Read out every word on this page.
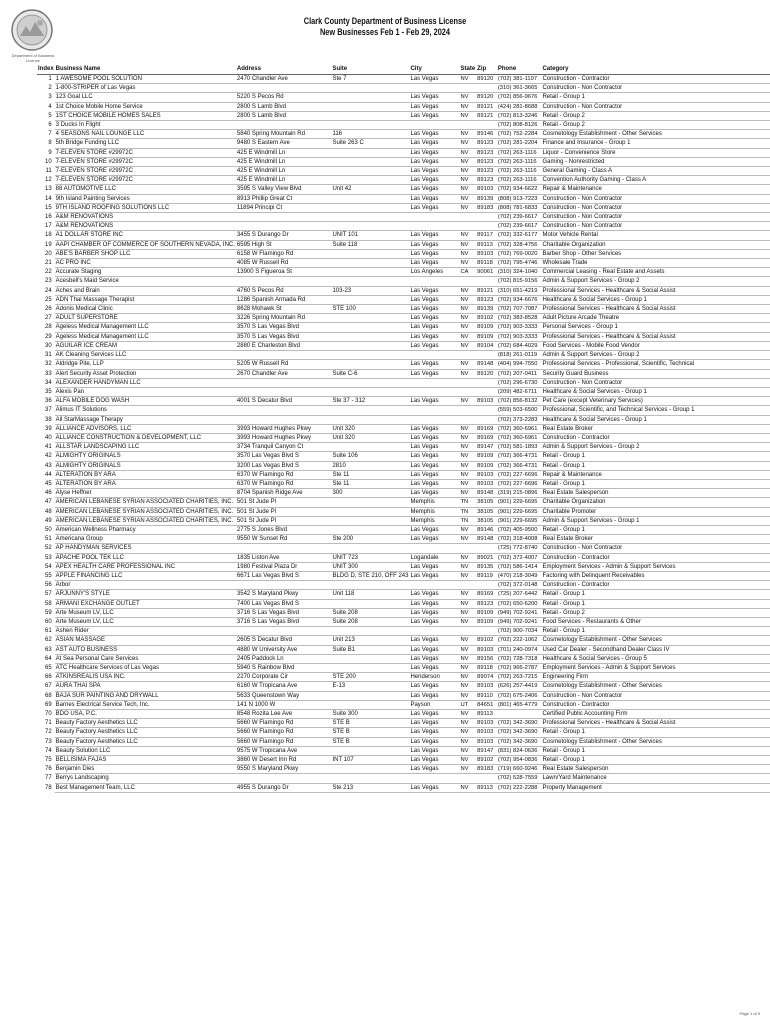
Department of Business License
Clark County Department of Business License
New Businesses Feb 1 - Feb 29, 2024
Index	Business Name	Address	Suite	City	State	Zip	Phone	Category
1	1 AWESOME POOL SOLUTION	2470 Chandler Ave	Ste 7	Las Vegas	NV	89120	(702) 381-1197	Construction - Contractor
2	1-800-STRIPER of Las Vegas						(310) 361-3665	Construction - Non Contractor
3	123 Goal LLC	5220 S Pecos Rd		Las Vegas	NV	89120	(702) 856-9676	Retail - Group 1
4	1st Choice Mobile Home Service	2800 S Lamb Blvd		Las Vegas	NV	89121	(424) 281-8688	Construction - Non Contractor
5	1ST CHOICE MOBILE HOMES SALES	2800 S Lamb Blvd		Las Vegas	NV	89121	(702) 813-3246	Retail - Group 2
6	3 Ducks In Flight						(702) 808-8126	Retail - Group 2
7	4 SEASONS NAIL LOUNGE LLC	5840 Spring Mountain Rd	116	Las Vegas	NV	89146	(702) 752-2284	Cosmetology Establishment - Other Services
8	5th Bridge Funding LLC	9480 S Eastern Ave	Suite 263 C	Las Vegas	NV	89123	(702) 281-2204	Finance and Insurance - Group 1
9	7-ELEVEN STORE #29972C	425 E Windmill Ln		Las Vegas	NV	89123	(702) 263-1116	Liquor - Convenience Store
10	7-ELEVEN STORE #29972C	425 E Windmill Ln		Las Vegas	NV	89123	(702) 263-1116	Gaming - Nonrestricted
11	7-ELEVEN STORE #29972C	425 E Windmill Ln		Las Vegas	NV	89123	(702) 263-1116	General Gaming - Class A
12	7-ELEVEN STORE #29972C	425 E Windmill Ln		Las Vegas	NV	89123	(702) 263-1116	Convention Authority Gaming - Class A
13	88 AUTOMOTIVE LLC	3595 S Valley View Blvd	Unit 42	Las Vegas	NV	89103	(702) 934-6622	Repair & Maintenance
14	9th Island Painting Services	8913 Phillip Great Ct		Las Vegas	NV	89139	(808) 913-7223	Construction - Non Contractor
15	9TH ISLAND ROOFING SOLUTIONS LLC	11894 Principi Ct		Las Vegas	NV	89183	(808) 781-6833	Construction - Non Contractor
16	A&M RENOVATIONS						(702) 239-6617	Construction - Non Contractor
17	A&M RENOVATIONS						(702) 239-6617	Construction - Non Contractor
18	A1 DOLLAR STORE INC	3455 S Durango Dr	UNIT 101	Las Vegas	NV	89117	(702) 332-6177	Motor Vehicle Rental
19	AAPI CHAMBER OF COMMERCE OF SOUTHERN NEVADA, INC.	6595 High St	Suite 118	Las Vegas	NV	89113	(702) 328-4756	Charitable Organization
20	ABE'S BARBER SHOP LLC	6158 W Flamingo Rd		Las Vegas	NV	89103	(702) 769-0020	Barber Shop - Other Services
21	AC PRO INC	4085 W Russell Rd		Las Vegas	NV	89118	(702) 795-4746	Wholesale Trade
22	Accurate Staging	13900 S Figueroa St		Los Angeles	CA	90061	(310) 324-1040	Commercial Leasing - Real Estate and Assets
23	Acesbell's Maid Service						(702) 815-9156	Admin & Support Services - Group 2
24	Aches and Brain	4760 S Pecos Rd	103-23	Las Vegas	NV	89121	(310) 651-4219	Professional Services - Healthcare & Social Assist
25	ADN Thai Massage Therapist	1286 Spanish Armada Rd		Las Vegas	NV	89123	(702) 934-6676	Healthcare & Social Services - Group 1
26	Adonis Medical Clinic	8628 Mohawk St	STE 100	Las Vegas	NV	89139	(702) 707-7087	Professional Services - Healthcare & Social Assist
27	ADULT SUPERSTORE	3226 Spring Mountain Rd		Las Vegas	NV	89102	(702) 383-8528	Adult Picture Arcade Theatre
28	Ageless Medical Management LLC	3570 S Las Vegas Blvd		Las Vegas	NV	89109	(702) 903-3333	Personal Services - Group 1
29	Ageless Medical Management LLC	3570 S Las Vegas Blvd		Las Vegas	NV	89109	(702) 903-3333	Professional Services - Healthcare & Social Assist
30	AGUILAR ICE CREAM	2880 E Charleston Blvd		Las Vegas	NV	89104	(702) 684-4029	Food Services - Mobile Food Vendor
31	AK Cleaning Services LLC						(818) 261-0119	Admin & Support Services - Group 2
32	Aldridge Pite, LLP	5205 W Russell Rd		Las Vegas	NV	89148	(404) 994-7550	Professional Services - Professional, Scientific, Technical
33	Alert Security Asset Protection	2670 Chandler Ave	Suite C-6	Las Vegas	NV	89120	(702) 207-0411	Security Guard Business
34	ALEXANDER HANDYMAN LLC						(702) 296-6730	Construction - Non Contractor
35	Alexis Pan						(209) 482-6711	Healthcare & Social Services - Group 1
36	ALFA MOBILE DOG WASH	4001 S Decatur Blvd	Ste 37 - 312	Las Vegas	NV	89103	(702) 856-8132	Pet Care (except Veterinary Services)
37	Alimus IT Solutions						(559) 503-6500	Professional, Scientific, and Technical Services - Group 1
38	All StarMassage Therapy						(702) 373-2283	Healthcare & Social Services - Group 1
39	ALLIANCE ADVISORS, LLC	3993 Howard Hughes Pkwy	Unit 320	Las Vegas	NV	89169	(702) 360-6961	Real Estate Broker
40	ALLIANCE CONSTRUCTION & DEVELOPMENT, LLC	3993 Howard Hughes Pkwy	Unit 320	Las Vegas	NV	89169	(702) 360-6961	Construction - Contractor
41	ALLSTAR LANDSCAPING LLC	3734 Tranquil Canyon Ct		Las Vegas	NV	89147	(702) 581-1893	Admin & Support Services - Group 2
42	ALMIGHTY ORIGINALS	3570 Las Vegas Blvd S	Suite 106	Las Vegas	NV	89109	(702) 366-4731	Retail - Group 1
43	ALMIGHTY ORIGINALS	3200 Las Vegas Blvd S	2810	Las Vegas	NV	89109	(702) 366-4731	Retail - Group 1
44	ALTERATION BY ARA	6370 W Flamingo Rd	Ste 11	Las Vegas	NV	89103	(702) 227-6696	Repair & Maintenance
45	ALTERATION BY ARA	6370 W Flamingo Rd	Ste 11	Las Vegas	NV	89103	(702) 227-6696	Retail - Group 1
46	Alyse Heffner	8704 Spanish Ridge Ave	300	Las Vegas	NV	89148	(319) 215-0896	Real Estate Salesperson
47	AMERICAN LEBANESE SYRIAN ASSOCIATED CHARITIES, INC.	501 St Jude Pl		Memphis	TN	38105	(901) 229-6695	Charitable Organization
48	AMERICAN LEBANESE SYRIAN ASSOCIATED CHARITIES, INC.	501 St Jude Pl		Memphis	TN	38105	(901) 229-6695	Charitable Promoter
49	AMERICAN LEBANESE SYRIAN ASSOCIATED CHARITIES, INC.	501 St Jude Pl		Memphis	TN	38105	(901) 229-6695	Admin & Support Services - Group 1
50	American Wellness Pharmacy	2775 S Jones Blvd		Las Vegas	NV	89146	(702) 405-9500	Retail - Group 1
51	Americana Group	9550 W Sunset Rd	Ste 200	Las Vegas	NV	89148	(702) 318-4008	Real Estate Broker
52	AP HANDYMAN SERVICES						(725) 772-8740	Construction - Non Contractor
53	APACHE POOL TEK LLC	1835 Liston Ave	UNIT 723	Logandale	NV	89021	(702) 372-4007	Construction - Contractor
54	APEX HEALTH CARE PROFESSIONAL INC	1980 Festival Plaza Dr	UNIT 300	Las Vegas	NV	89135	(702) 586-1414	Employment Services - Admin & Support Services
55	APPLE FINANCING LLC	6671 Las Vegas Blvd S	BLDG D, STE 210, OFF 243	Las Vegas	NV	89119	(470) 218-3049	Factoring with Delinquent Receivables
56	Arbor						(702) 372-0148	Construction - Contractor
57	ARJUNNY'S STYLE	3542 S Maryland Pkwy	Unit 118	Las Vegas	NV	89169	(725) 207-6442	Retail - Group 1
58	ARMANI EXCHANGE OUTLET	7400 Las Vegas Blvd S		Las Vegas	NV	89123	(702) 650-6200	Retail - Group 1
59	Arte Museum LV, LLC	3716 S Las Vegas Blvd	Suite 208	Las Vegas	NV	89109	(949) 702-9241	Retail - Group 2
60	Arte Museum LV, LLC	3716 S Las Vegas Blvd	Suite 208	Las Vegas	NV	89109	(949) 702-9241	Food Services - Restaurants & Other
61	Ashen Rider						(702) 900-7034	Retail - Group 1
62	ASIAN MASSAGE	2605 S Decatur Blvd	Unit 213	Las Vegas	NV	89102	(702) 222-1062	Cosmetology Establishment - Other Services
63	AST AUTO BUSINESS	4880 W University Ave	Suite B1	Las Vegas	NV	89103	(701) 240-0974	Used Car Dealer - Secondhand Dealer Class IV
64	At Sea Personal Care Services	2405 Paddock Ln		Las Vegas	NV	89156	(702) 728-7318	Healthcare & Social Services - Group 5
65	ATC Healthcare Services of Las Vegas	5940 S Rainbow Blvd		Las Vegas	NV	89118	(702) 966-2787	Employment Services - Admin & Support Services
66	ATKINSREALIS USA INC.	2270 Corporate Cir	STE 200	Henderson	NV	89074	(702) 263-7215	Engineering Firm
67	AURA THAI SPA	6160 W Tropicana Ave	E-13	Las Vegas	NV	89103	(626) 257-4419	Cosmetology Establishment - Other Services
68	BAJA SUR PAINTING AND DRYWALL	5633 Queenstown Way		Las Vegas	NV	89110	(702) 675-2406	Construction - Non Contractor
69	Barnes Electrical Service Tech, Inc.	141 N 1000 W		Payson	UT	84651	(801) 465-4779	Construction - Contractor
70	BDO USA, P.C.	8548 Rozita Lee Ave	Suite 300	Las Vegas	NV	89113		Certified Public Accounting Firm
71	Beauty Factory Aesthetics LLC	5660 W Flamingo Rd	STE B	Las Vegas	NV	89103	(702) 342-3690	Professional Services - Healthcare & Social Assist
72	Beauty Factory Aesthetics LLC	5660 W Flamingo Rd	STE B	Las Vegas	NV	89103	(702) 342-3690	Retail - Group 1
73	Beauty Factory Aesthetics LLC	5660 W Flamingo Rd	STE B	Las Vegas	NV	89103	(702) 342-3690	Cosmetology Establishment - Other Services
74	Beauty Solution LLC	9575 W Tropicana Ave		Las Vegas	NV	89147	(831) 824-0636	Retail - Group 1
75	BELLISIMA FAJAS	3860 W Desert Inn Rd	INT 107	Las Vegas	NV	89102	(702) 954-0836	Retail - Group 1
76	Benjamin Dies	9550 S Maryland Pkwy		Las Vegas	NV	89183	(719) 660-9246	Real Estate Salesperson
77	Berrys Landscaping						(702) 528-7559	Lawn/Yard Maintenance
78	Best Management Team, LLC	4955 S Durango Dr	Ste 213	Las Vegas	NV	89113	(702) 222-2288	Property Management
Page 1 of 9
